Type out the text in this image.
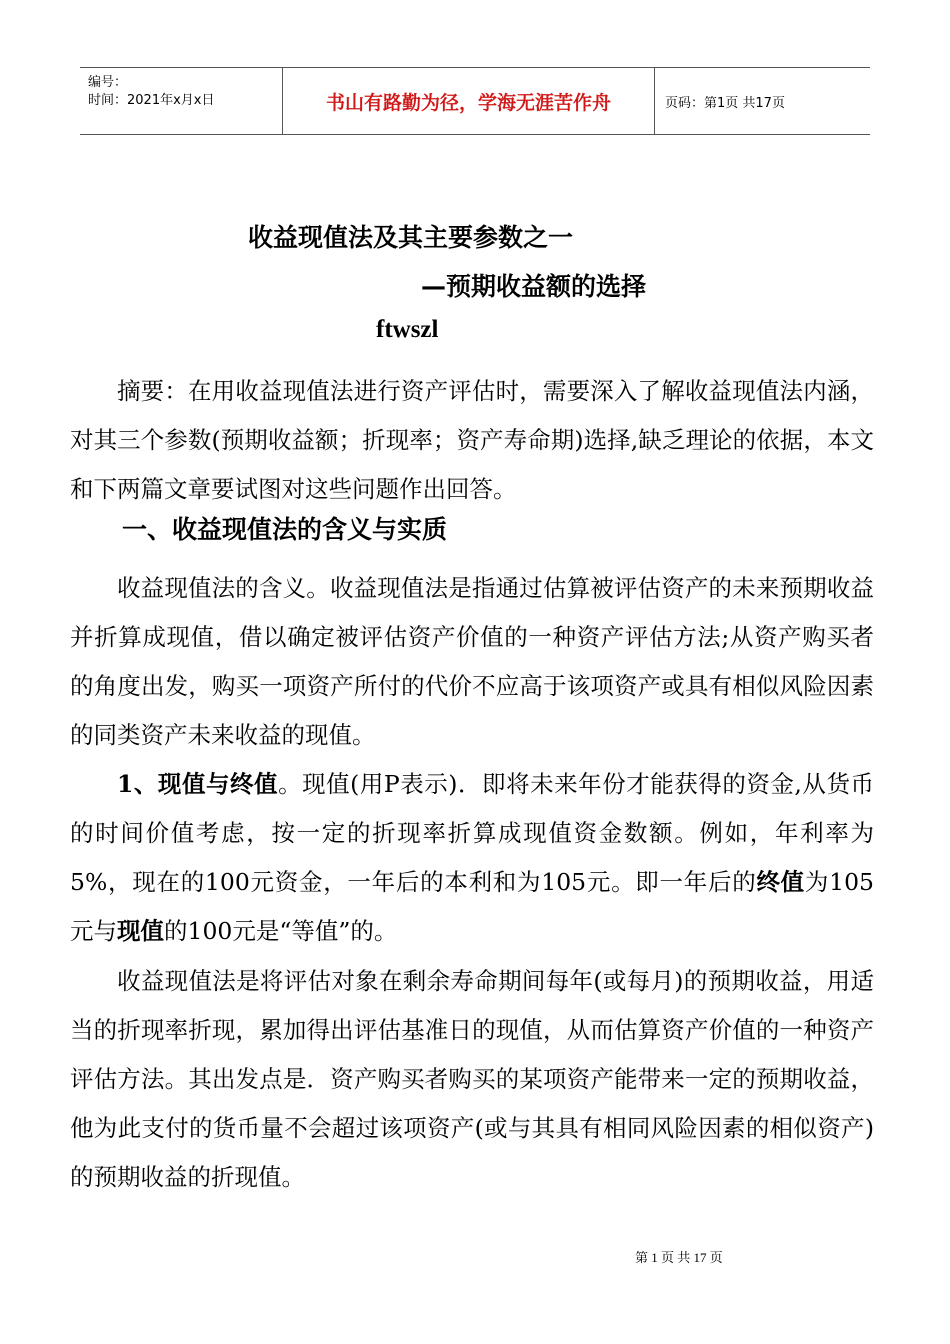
编号：
时间：2021年x月x日	书山有路勤为径，学海无涯苦作舟	页码：第1页 共17页
收益现值法及其主要参数之一
—预期收益额的选择
ftwszl

摘要：在用收益现值法进行资产评估时，需要深入了解收益现值法内涵，对其三个参数(预期收益额；折现率；资产寿命期)选择,缺乏理论的依据，本文和下两篇文章要试图对这些问题作出回答。

一、收益现值法的含义与实质

收益现值法的含义。收益现值法是指通过估算被评估资产的未来预期收益并折算成现值，借以确定被评估资产价值的一种资产评估方法;从资产购买者的角度出发，购买一项资产所付的代价不应高于该项资产或具有相似风险因素的同类资产未来收益的现值。

1、现值与终值。现值(用P表示)．即将未来年份才能获得的资金,从货币的时间价值考虑，按一定的折现率折算成现值资金数额。例如，年利率为5%，现在的100元资金，一年后的本利和为105元。即一年后的终值为105元与现值的100元是“等值”的。

收益现值法是将评估对象在剩余寿命期间每年(或每月)的预期收益，用适当的折现率折现，累加得出评估基准日的现值，从而估算资产价值的一种资产评估方法。其出发点是．资产购买者购买的某项资产能带来一定的预期收益，他为此支付的货币量不会超过该项资产(或与其具有相同风险因素的相似资产)的预期收益的折现值。

第 1 页 共 17 页
